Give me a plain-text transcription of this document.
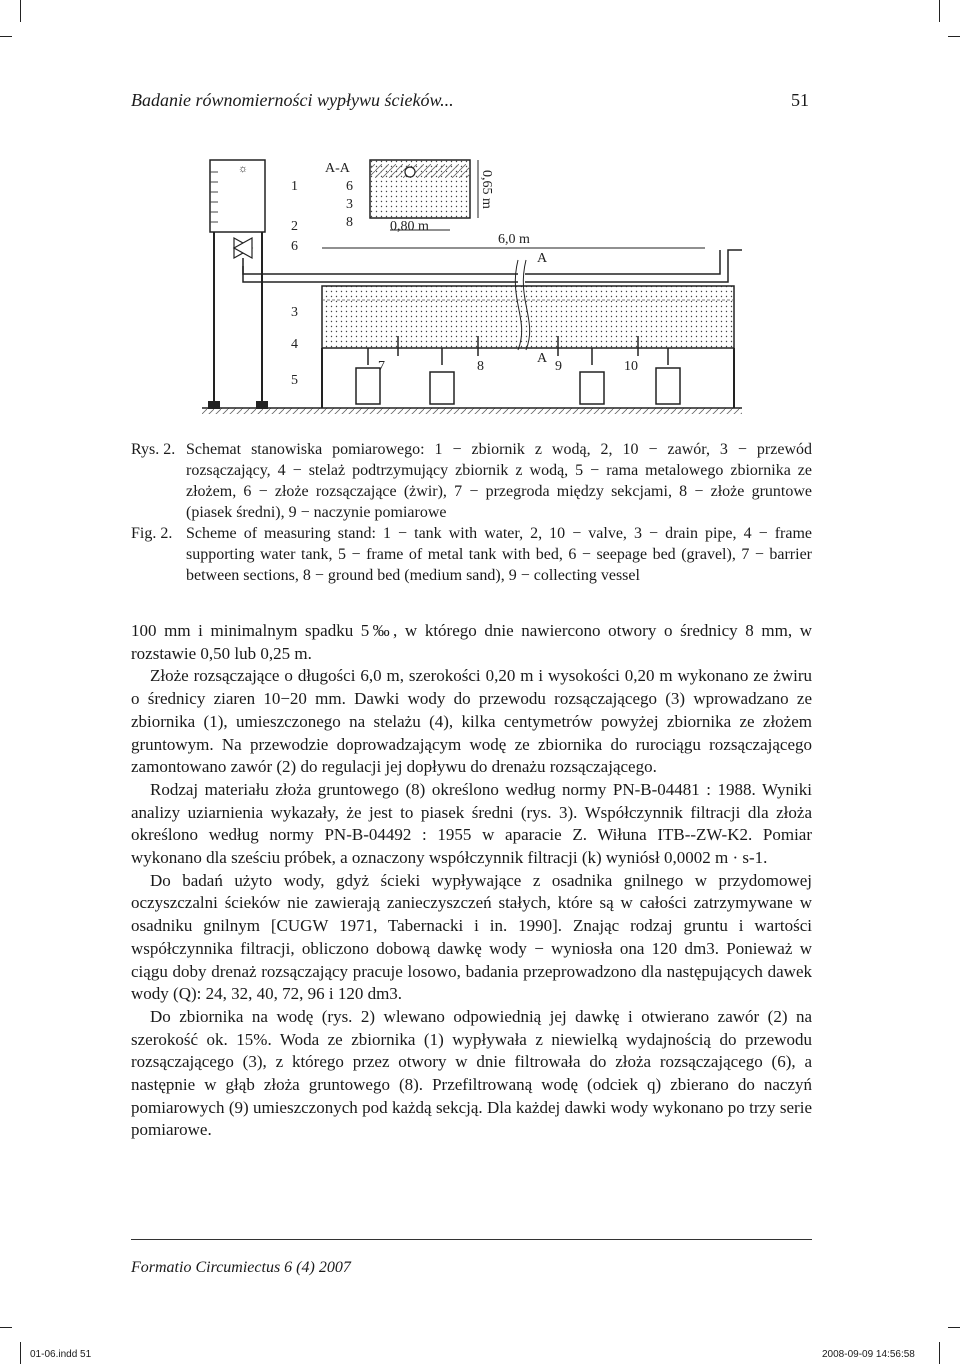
Badanie równomierności wypływu ścieków...	51
☼	A-A
1
2
6
3
4
5
6
3
8
7	8	9	10
0,80 m
0,65 m
6,0 m
A
A
Rys. 2. Schemat stanowiska pomiarowego: 1 − zbiornik z wodą, 2, 10 − zawór, 3 − przewód rozsączający, 4 − stelaż podtrzymujący zbiornik z wodą, 5 − rama metalowego zbiornika ze złożem, 6 − złoże rozsączające (żwir), 7 − przegroda między sekcjami, 8 − złoże gruntowe (piasek średni), 9 − naczynie pomiarowe
Fig. 2. Scheme of measuring stand: 1 − tank with water, 2, 10 − valve, 3 − drain pipe, 4 − frame supporting water tank, 5 − frame of metal tank with bed, 6 − seepage bed (gravel), 7 − barrier between sections, 8 − ground bed (medium sand), 9 − collecting vessel

100 mm i minimalnym spadku 5‰, w którego dnie nawiercono otwory o średnicy 8 mm, w rozstawie 0,50 lub 0,25 m.

Złoże rozsączające o długości 6,0 m, szerokości 0,20 m i wysokości 0,20 m wykonano ze żwiru o średnicy ziaren 10−20 mm. Dawki wody do przewodu rozsączającego (3) wprowadzano ze zbiornika (1), umieszczonego na stelażu (4), kilka centymetrów powyżej zbiornika ze złożem gruntowym. Na przewodzie doprowadzającym wodę ze zbiornika do rurociągu rozsączającego zamontowano zawór (2) do regulacji jej dopływu do drenażu rozsączającego.

Rodzaj materiału złoża gruntowego (8) określono według normy PN-B-04481 : 1988. Wyniki analizy uziarnienia wykazały, że jest to piasek średni (rys. 3). Współczynnik filtracji dla złoża określono według normy PN-B-04492 : 1955 w aparacie Z. Wiłuna ITB--ZW-K2. Pomiar wykonano dla sześciu próbek, a oznaczony współczynnik filtracji (k) wyniósł 0,0002 m · s-1.

Do badań użyto wody, gdyż ścieki wypływające z osadnika gnilnego w przydomowej oczyszczalni ścieków nie zawierają zanieczyszczeń stałych, które są w całości zatrzymywane w osadniku gnilnym [CUGW 1971, Tabernacki i in. 1990]. Znając rodzaj gruntu i wartości współczynnika filtracji, obliczono dobową dawkę wody − wyniosła ona 120 dm3. Ponieważ w ciągu doby drenaż rozsączający pracuje losowo, badania przeprowadzono dla następujących dawek wody (Q): 24, 32, 40, 72, 96 i 120 dm3.

Do zbiornika na wodę (rys. 2) wlewano odpowiednią jej dawkę i otwierano zawór (2) na szerokość ok. 15%. Woda ze zbiornika (1) wypływała z niewielką wydajnością do przewodu rozsączającego (3), z którego przez otwory w dnie filtrowała do złoża rozsączającego (6), a następnie w głąb złoża gruntowego (8). Przefiltrowaną wodę (odciek q) zbierano do naczyń pomiarowych (9) umieszczonych pod każdą sekcją. Dla każdej dawki wody wykonano po trzy serie pomiarowe.

Formatio Circumiectus 6 (4) 2007
01-06.indd 51	2008-09-09 14:56:58
